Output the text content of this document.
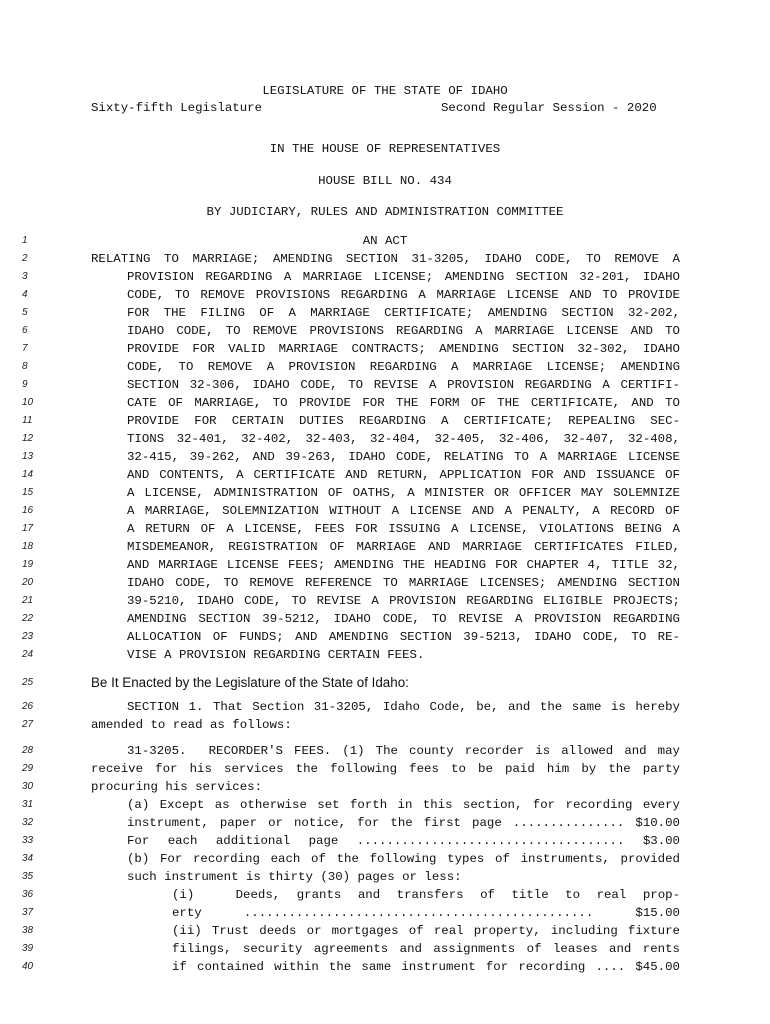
LEGISLATURE OF THE STATE OF IDAHO
Sixty-fifth Legislature	Second Regular Session - 2020
IN THE HOUSE OF REPRESENTATIVES
HOUSE BILL NO. 434
BY JUDICIARY, RULES AND ADMINISTRATION COMMITTEE
1	AN ACT
2	RELATING TO MARRIAGE; AMENDING SECTION 31-3205, IDAHO CODE, TO REMOVE A
3	PROVISION REGARDING A MARRIAGE LICENSE; AMENDING SECTION 32-201, IDAHO
4	CODE, TO REMOVE PROVISIONS REGARDING A MARRIAGE LICENSE AND TO PROVIDE
5	FOR THE FILING OF A MARRIAGE CERTIFICATE; AMENDING SECTION 32-202,
6	IDAHO CODE, TO REMOVE PROVISIONS REGARDING A MARRIAGE LICENSE AND TO
7	PROVIDE FOR VALID MARRIAGE CONTRACTS; AMENDING SECTION 32-302, IDAHO
8	CODE, TO REMOVE A PROVISION REGARDING A MARRIAGE LICENSE; AMENDING
9	SECTION 32-306, IDAHO CODE, TO REVISE A PROVISION REGARDING A CERTIFI-
10	CATE OF MARRIAGE, TO PROVIDE FOR THE FORM OF THE CERTIFICATE, AND TO
11	PROVIDE FOR CERTAIN DUTIES REGARDING A CERTIFICATE; REPEALING SEC-
12	TIONS 32-401, 32-402, 32-403, 32-404, 32-405, 32-406, 32-407, 32-408,
13	32-415, 39-262, AND 39-263, IDAHO CODE, RELATING TO A MARRIAGE LICENSE
14	AND CONTENTS, A CERTIFICATE AND RETURN, APPLICATION FOR AND ISSUANCE OF
15	A LICENSE, ADMINISTRATION OF OATHS, A MINISTER OR OFFICER MAY SOLEMNIZE
16	A MARRIAGE, SOLEMNIZATION WITHOUT A LICENSE AND A PENALTY, A RECORD OF
17	A RETURN OF A LICENSE, FEES FOR ISSUING A LICENSE, VIOLATIONS BEING A
18	MISDEMEANOR, REGISTRATION OF MARRIAGE AND MARRIAGE CERTIFICATES FILED,
19	AND MARRIAGE LICENSE FEES; AMENDING THE HEADING FOR CHAPTER 4, TITLE 32,
20	IDAHO CODE, TO REMOVE REFERENCE TO MARRIAGE LICENSES; AMENDING SECTION
21	39-5210, IDAHO CODE, TO REVISE A PROVISION REGARDING ELIGIBLE PROJECTS;
22	AMENDING SECTION 39-5212, IDAHO CODE, TO REVISE A PROVISION REGARDING
23	ALLOCATION OF FUNDS; AND AMENDING SECTION 39-5213, IDAHO CODE, TO RE-
24	VISE A PROVISION REGARDING CERTAIN FEES.
25	Be It Enacted by the Legislature of the State of Idaho:
26	SECTION 1. That Section 31-3205, Idaho Code, be, and the same is hereby
27	amended to read as follows:
28	31-3205.  RECORDER'S FEES. (1) The county recorder is allowed and may
29	receive for his services the following fees to be paid him by the party
30	procuring his services:
31	(a) Except as otherwise set forth in this section, for recording every
32	instrument, paper or notice, for the first page ............... $10.00
33	For each additional page .................................... $3.00
34	(b) For recording each of the following types of instruments, provided
35	such instrument is thirty (30) pages or less:
36	(i)     Deeds,  grants  and  transfers  of  title  to  real  prop-
37	erty ............................................... $15.00
38	(ii) Trust deeds or mortgages of real property, including fixture
39	filings, security agreements and assignments of leases and rents
40	if contained within the same instrument for recording .... $45.00
